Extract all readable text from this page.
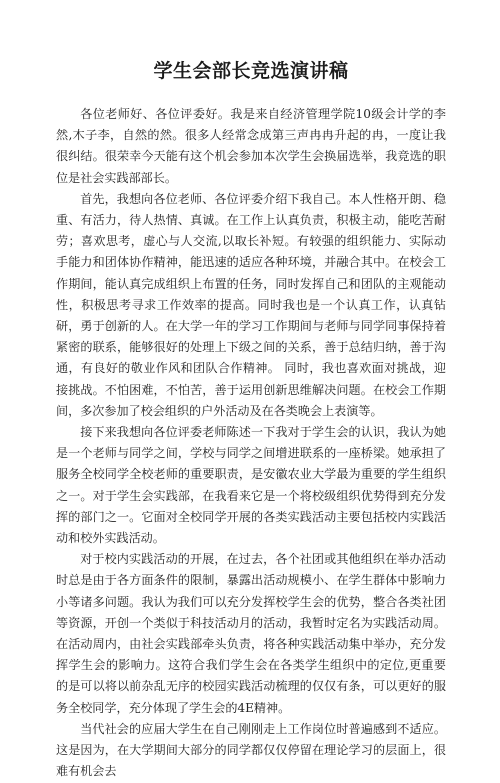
学生会部长竞选演讲稿

各位老师好、各位评委好。我是来自经济管理学院10级会计学的李然,木子李，自然的然。很多人经常念成第三声冉冉升起的冉，一度让我很纠结。很荣幸今天能有这个机会参加本次学生会换届选举，我竞选的职位是社会实践部部长。

首先，我想向各位老师、各位评委介绍下我自己。本人性格开朗、稳重、有活力，待人热情、真诚。在工作上认真负责，积极主动，能吃苦耐劳；喜欢思考，虚心与人交流,以取长补短。有较强的组织能力、实际动手能力和团体协作精神，能迅速的适应各种环境，并融合其中。在校会工作期间，能认真完成组织上布置的任务，同时发挥自己和团队的主观能动性，积极思考寻求工作效率的提高。同时我也是一个认真工作，认真钻研，勇于创新的人。在大学一年的学习工作期间与老师与同学同事保持着紧密的联系，能够很好的处理上下级之间的关系，善于总结归纳，善于沟通，有良好的敬业作风和团队合作精神。 同时，我也喜欢面对挑战，迎接挑战。不怕困难，不怕苦，善于运用创新思维解决问题。在校会工作期间，多次参加了校会组织的户外活动及在各类晚会上表演等。

接下来我想向各位评委老师陈述一下我对于学生会的认识，我认为她是一个老师与同学之间，学校与同学之间增进联系的一座桥梁。她承担了服务全校同学全校老师的重要职责，是安徽农业大学最为重要的学生组织之一。对于学生会实践部，在我看来它是一个将校级组织优势得到充分发挥的部门之一。它面对全校同学开展的各类实践活动主要包括校内实践活动和校外实践活动。

对于校内实践活动的开展，在过去，各个社团或其他组织在举办活动时总是由于各方面条件的限制，暴露出活动规模小、在学生群体中影响力小等诸多问题。我认为我们可以充分发挥校学生会的优势，整合各类社团等资源，开创一个类似于科技活动月的活动，我暂时定名为实践活动周。在活动周内，由社会实践部牵头负责，将各种实践活动集中举办，充分发挥学生会的影响力。这符合我们学生会在各类学生组织中的定位,更重要的是可以将以前杂乱无序的校园实践活动梳理的仅仅有条，可以更好的服务全校同学，充分体现了学生会的4E精神。

当代社会的应届大学生在自己刚刚走上工作岗位时普遍感到不适应。这是因为，在大学期间大部分的同学都仅仅停留在理论学习的层面上，很难有机会去
